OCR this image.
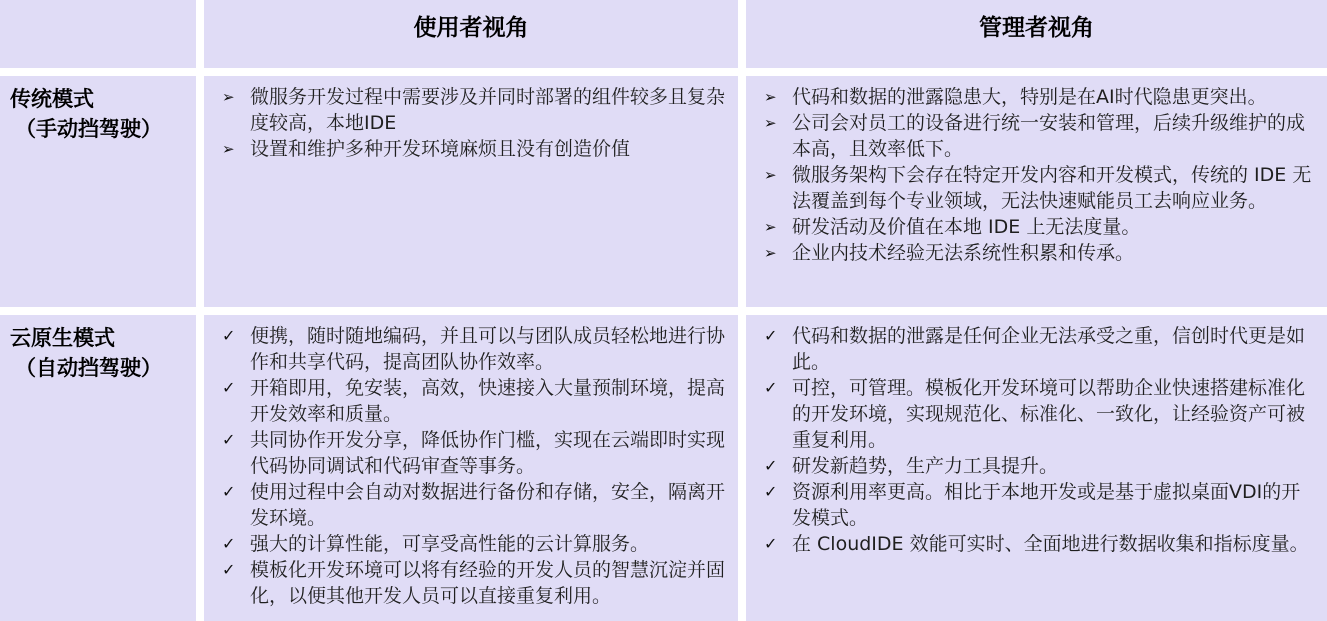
使用者视角	管理者视角
传统模式
（手动挡驾驶）
➢ 微服务开发过程中需要涉及并同时部署的组件较多且复杂度较高，本地IDE
➢ 设置和维护多种开发环境麻烦且没有创造价值
➢ 代码和数据的泄露隐患大，特别是在AI时代隐患更突出。
➢ 公司会对员工的设备进行统一安装和管理，后续升级维护的成本高，且效率低下。
➢ 微服务架构下会存在特定开发内容和开发模式，传统的 IDE 无法覆盖到每个专业领域，无法快速赋能员工去响应业务。
➢ 研发活动及价值在本地 IDE 上无法度量。
➢ 企业内技术经验无法系统性积累和传承。
云原生模式
（自动挡驾驶）
✓ 便携，随时随地编码，并且可以与团队成员轻松地进行协作和共享代码，提高团队协作效率。
✓ 开箱即用，免安装，高效，快速接入大量预制环境，提高开发效率和质量。
✓ 共同协作开发分享，降低协作门槛，实现在云端即时实现代码协同调试和代码审查等事务。
✓ 使用过程中会自动对数据进行备份和存储，安全，隔离开发环境。
✓ 强大的计算性能，可享受高性能的云计算服务。
✓ 模板化开发环境可以将有经验的开发人员的智慧沉淀并固化，以便其他开发人员可以直接重复利用。
✓ 代码和数据的泄露是任何企业无法承受之重，信创时代更是如此。
✓ 可控，可管理。模板化开发环境可以帮助企业快速搭建标准化的开发环境，实现规范化、标准化、一致化，让经验资产可被重复利用。
✓ 研发新趋势，生产力工具提升。
✓ 资源利用率更高。相比于本地开发或是基于虚拟桌面VDI的开发模式。
✓ 在 CloudIDE 效能可实时、全面地进行数据收集和指标度量。
